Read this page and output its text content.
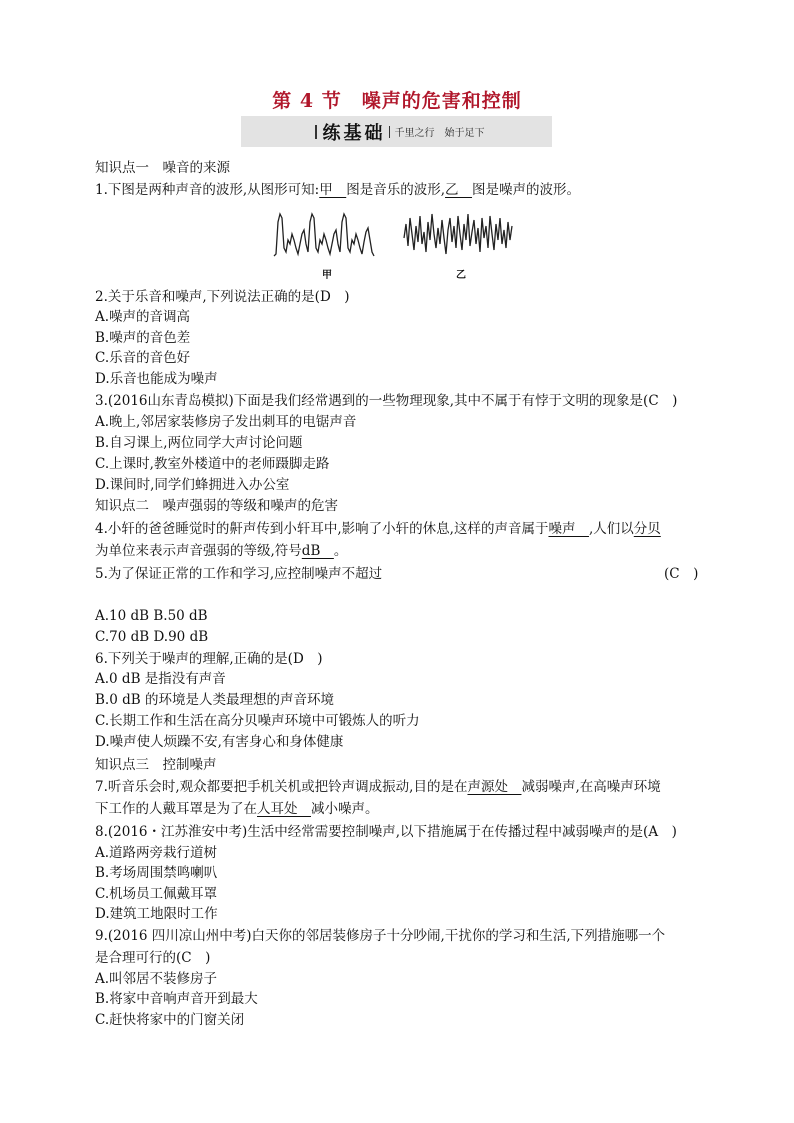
第 4 节　噪声的危害和控制
练基础 千里之行　始于足下
知识点一　噪音的来源
1.下图是两种声音的波形,从图形可知:甲　图是音乐的波形,乙　图是噪声的波形。
甲	乙
2.关于乐音和噪声,下列说法正确的是(D　)
A.噪声的音调高
B.噪声的音色差
C.乐音的音色好
D.乐音也能成为噪声
3.(2016山东青岛模拟)下面是我们经常遇到的一些物理现象,其中不属于有悖于文明的现象是(C　)
A.晚上,邻居家装修房子发出刺耳的电锯声音
B.自习课上,两位同学大声讨论问题
C.上课时,教室外楼道中的老师蹑脚走路
D.课间时,同学们蜂拥进入办公室
知识点二　噪声强弱的等级和噪声的危害
4.小轩的爸爸睡觉时的鼾声传到小轩耳中,影响了小轩的休息,这样的声音属于噪声　,人们以分贝
为单位来表示声音强弱的等级,符号dB　。
5.为了保证正常的工作和学习,应控制噪声不超过	(C　)
A.10 dB B.50 dB
C.70 dB D.90 dB
6.下列关于噪声的理解,正确的是(D　)
A.0 dB 是指没有声音
B.0 dB 的环境是人类最理想的声音环境
C.长期工作和生活在高分贝噪声环境中可锻炼人的听力
D.噪声使人烦躁不安,有害身心和身体健康
知识点三　控制噪声
7.听音乐会时,观众都要把手机关机或把铃声调成振动,目的是在声源处　减弱噪声,在高噪声环境
下工作的人戴耳罩是为了在人耳处　减小噪声。
8.(2016・江苏淮安中考)生活中经常需要控制噪声,以下措施属于在传播过程中减弱噪声的是(A　)
A.道路两旁栽行道树
B.考场周围禁鸣喇叭
C.机场员工佩戴耳罩
D.建筑工地限时工作
9.(2016 四川凉山州中考)白天你的邻居装修房子十分吵闹,干扰你的学习和生活,下列措施哪一个
是合理可行的(C　)
A.叫邻居不装修房子
B.将家中音响声音开到最大
C.赶快将家中的门窗关闭
